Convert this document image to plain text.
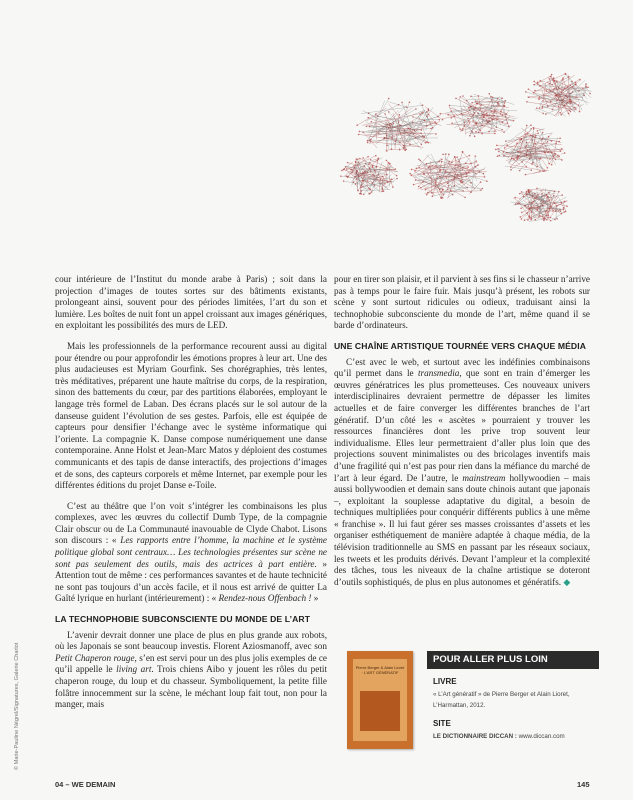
© Marie-Pauline Négrel/Signatures, Galerie Charlot

cour intérieure de l’Institut du monde arabe à Paris) ; soit dans la projection d’images de toutes sortes sur des bâtiments existants, prolongeant ainsi, souvent pour des périodes limitées, l’art du son et lumière. Les boîtes de nuit font un appel croissant aux images génériques, en exploitant les possibilités des murs de LED.

Mais les professionnels de la performance recourent aussi au digital pour étendre ou pour approfondir les émotions propres à leur art. Une des plus audacieuses est Myriam Gourfink. Ses chorégraphies, très lentes, très méditatives, préparent une haute maîtrise du corps, de la respiration, sinon des battements du cœur, par des partitions élaborées, employant le langage très formel de Laban. Des écrans placés sur le sol autour de la danseuse guident l’évolution de ses gestes. Parfois, elle est équipée de capteurs pour densifier l’échange avec le système informatique qui l’oriente. La compagnie K. Danse compose numériquement une danse contemporaine. Anne Holst et Jean-Marc Matos y déploient des costumes communicants et des tapis de danse interactifs, des projections d’images et de sons, des capteurs corporels et même Internet, par exemple pour les différentes éditions du projet Danse e-Toile.

C’est au théâtre que l’on voit s’intégrer les combinaisons les plus complexes, avec les œuvres du collectif Dumb Type, de la compagnie Clair obscur ou de La Communauté inavouable de Clyde Chabot. Lisons son discours : « Les rapports entre l’homme, la machine et le système politique global sont centraux… Les technologies présentes sur scène ne sont pas seulement des outils, mais des actrices à part entière. » Attention tout de même : ces performances savantes et de haute technicité ne sont pas toujours d’un accès facile, et il nous est arrivé de quitter La Gaîté lyrique en hurlant (intérieurement) : « Rendez-nous Offenbach ! »

LA TECHNOPHOBIE SUBCONSCIENTE DU MONDE DE L’ART

L’avenir devrait donner une place de plus en plus grande aux robots, où les Japonais se sont beaucoup investis. Florent Aziosmanoff, avec son Petit Chaperon rouge, s’en est servi pour un des plus jolis exemples de ce qu’il appelle le living art. Trois chiens Aibo y jouent les rôles du petit chaperon rouge, du loup et du chasseur. Symboliquement, la petite fille folâtre innocemment sur la scène, le méchant loup fait tout, non pour la manger, mais

pour en tirer son plaisir, et il parvient à ses fins si le chasseur n’arrive pas à temps pour le faire fuir. Mais jusqu’à présent, les robots sur scène y sont surtout ridicules ou odieux, traduisant ainsi la technophobie subconsciente du monde de l’art, même quand il se barde d’ordinateurs.

UNE CHAÎNE ARTISTIQUE TOURNÉE VERS CHAQUE MÉDIA

C’est avec le web, et surtout avec les indéfinies combinaisons qu’il permet dans le transmedia, que sont en train d’émerger les œuvres génératrices les plus prometteuses. Ces nouveaux univers interdisciplinaires devraient permettre de dépasser les limites actuelles et de faire converger les différentes branches de l’art génératif. D’un côté les « ascètes » pourraient y trouver les ressources financières dont les prive trop souvent leur individualisme. Elles leur permettraient d’aller plus loin que des projections souvent minimalistes ou des bricolages inventifs mais d’une fragilité qui n’est pas pour rien dans la méfiance du marché de l’art à leur égard. De l’autre, le mainstream hollywoodien – mais aussi bollywoodien et demain sans doute chinois autant que japonais –, exploitant la souplesse adaptative du digital, a besoin de techniques multipliées pour conquérir différents publics à une même « franchise ». Il lui faut gérer ses masses croissantes d’assets et les organiser esthétiquement de manière adaptée à chaque média, de la télévision traditionnelle au SMS en passant par les réseaux sociaux, les tweets et les produits dérivés. Devant l’ampleur et la complexité des tâches, tous les niveaux de la chaîne artistique se doteront d’outils sophistiqués, de plus en plus autonomes et génératifs. ◆

Pierre Berger & Alain Lioret · L’ART GÉNÉRATIF
POUR ALLER PLUS LOIN
LIVRE
« L’Art génératif » de Pierre Berger et Alain Lioret, L’Harmattan, 2012.
SITE
LE DICTIONNAIRE DICCAN : www.diccan.com
04 – WE DEMAIN	145
